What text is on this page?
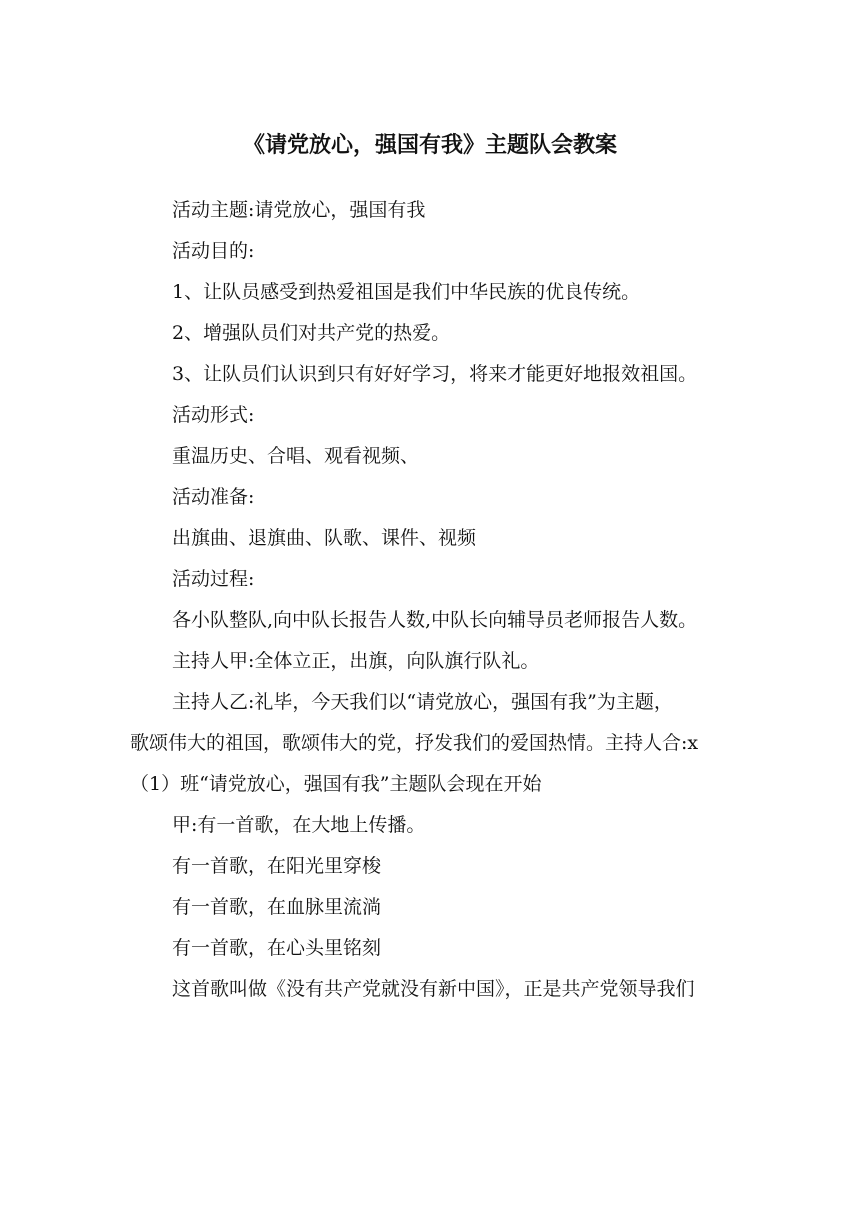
《请党放心，强国有我》主题队会教案

活动主题:请党放心，强国有我

活动目的:

1、让队员感受到热爱祖国是我们中华民族的优良传统。

2、增强队员们对共产党的热爱。

3、让队员们认识到只有好好学习，将来才能更好地报效祖国。

活动形式:

重温历史、合唱、观看视频、

活动准备:

出旗曲、退旗曲、队歌、课件、视频

活动过程:

各小队整队,向中队长报告人数,中队长向辅导员老师报告人数。

主持人甲:全体立正，出旗，向队旗行队礼。

主持人乙:礼毕，今天我们以“请党放心，强国有我”为主题，

歌颂伟大的祖国，歌颂伟大的党，抒发我们的爱国热情。主持人合:x

（1）班“请党放心，强国有我”主题队会现在开始

甲:有一首歌，在大地上传播。

有一首歌，在阳光里穿梭

有一首歌，在血脉里流淌

有一首歌，在心头里铭刻

这首歌叫做《没有共产党就没有新中国》，正是共产党领导我们
